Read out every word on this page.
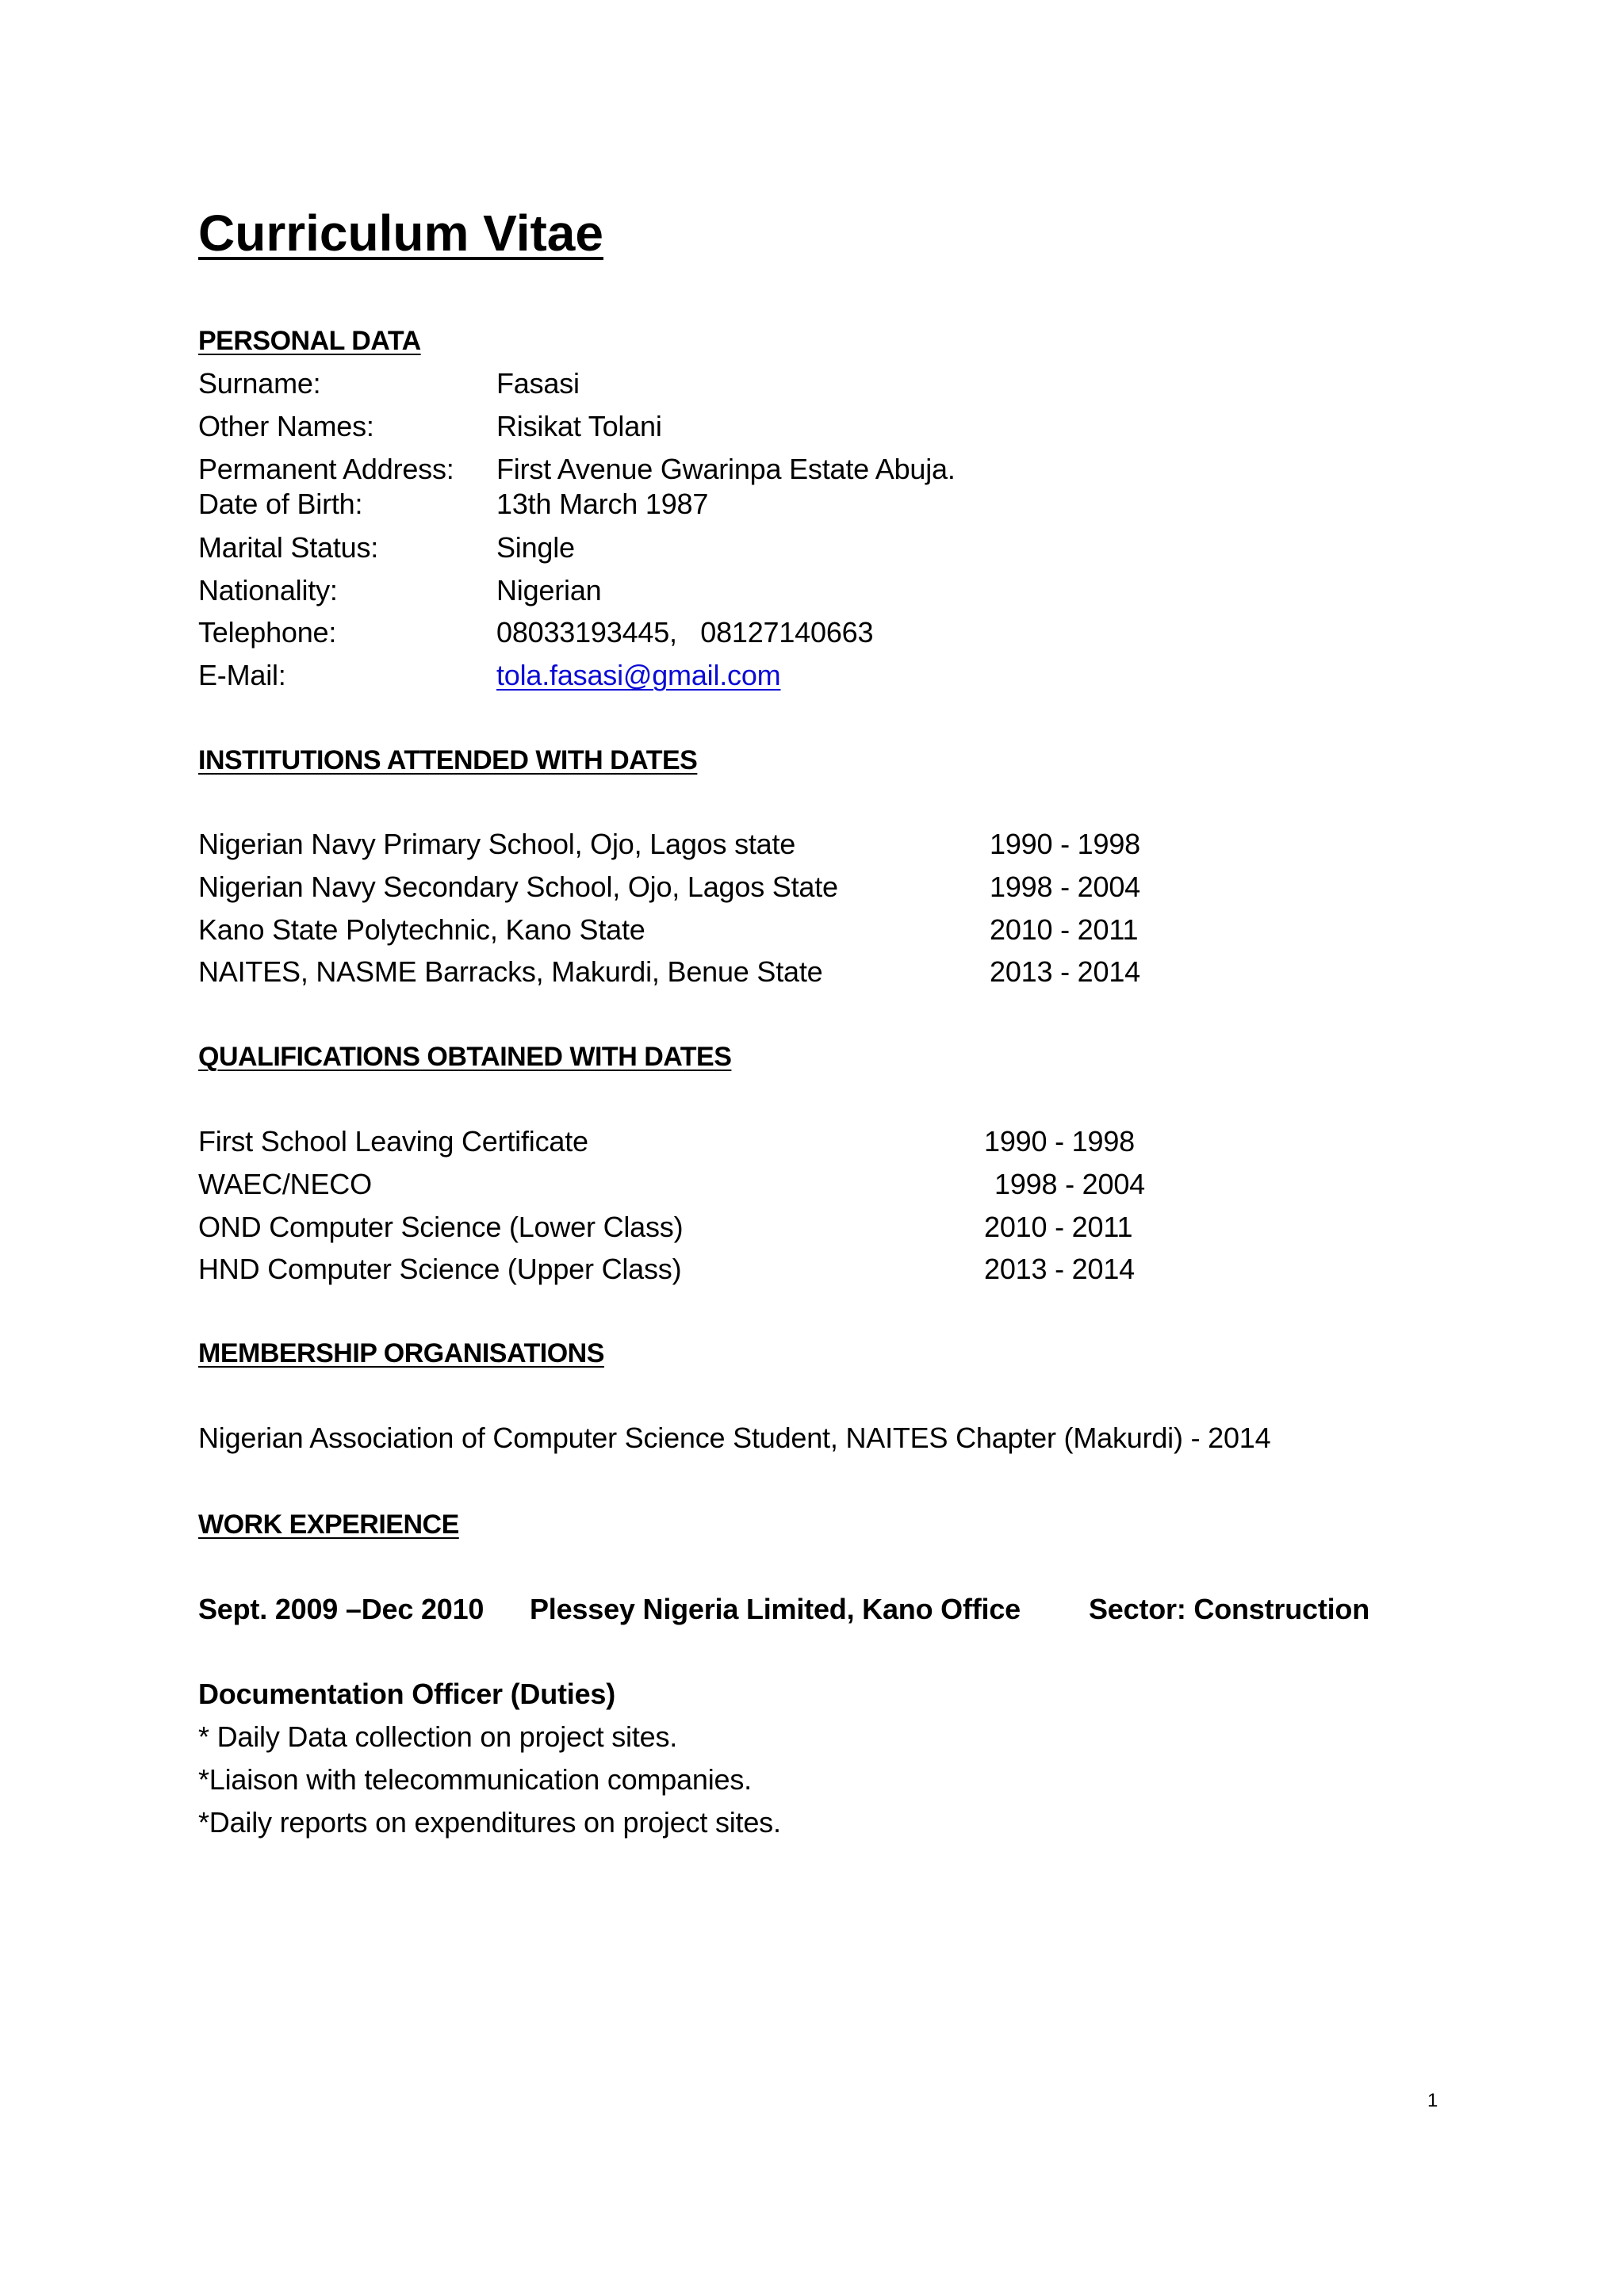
Curriculum Vitae
PERSONAL DATA
Surname:	Fasasi
Other Names:	Risikat Tolani
Permanent Address: First Avenue Gwarinpa Estate Abuja.
Date of Birth:	13th March 1987
Marital Status:	Single
Nationality:	Nigerian
Telephone:	08033193445,   08127140663
E-Mail:	tola.fasasi@gmail.com
INSTITUTIONS ATTENDED WITH DATES
Nigerian Navy Primary School, Ojo, Lagos state	1990 - 1998
Nigerian Navy Secondary School, Ojo, Lagos State	1998 - 2004
Kano State Polytechnic, Kano State	2010 - 2011
NAITES, NASME Barracks, Makurdi, Benue State	2013 - 2014
QUALIFICATIONS OBTAINED WITH DATES
First School Leaving Certificate	1990 - 1998
WAEC/NECO	1998 - 2004
OND Computer Science (Lower Class)	2010 - 2011
HND Computer Science (Upper Class)	2013 - 2014
MEMBERSHIP ORGANISATIONS
Nigerian Association of Computer Science Student, NAITES Chapter (Makurdi) - 2014
WORK EXPERIENCE
Sept. 2009 –Dec 2010 Plessey Nigeria Limited, Kano Office Sector: Construction
Documentation Officer (Duties)
* Daily Data collection on project sites.
*Liaison with telecommunication companies.
*Daily reports on expenditures on project sites.
1
